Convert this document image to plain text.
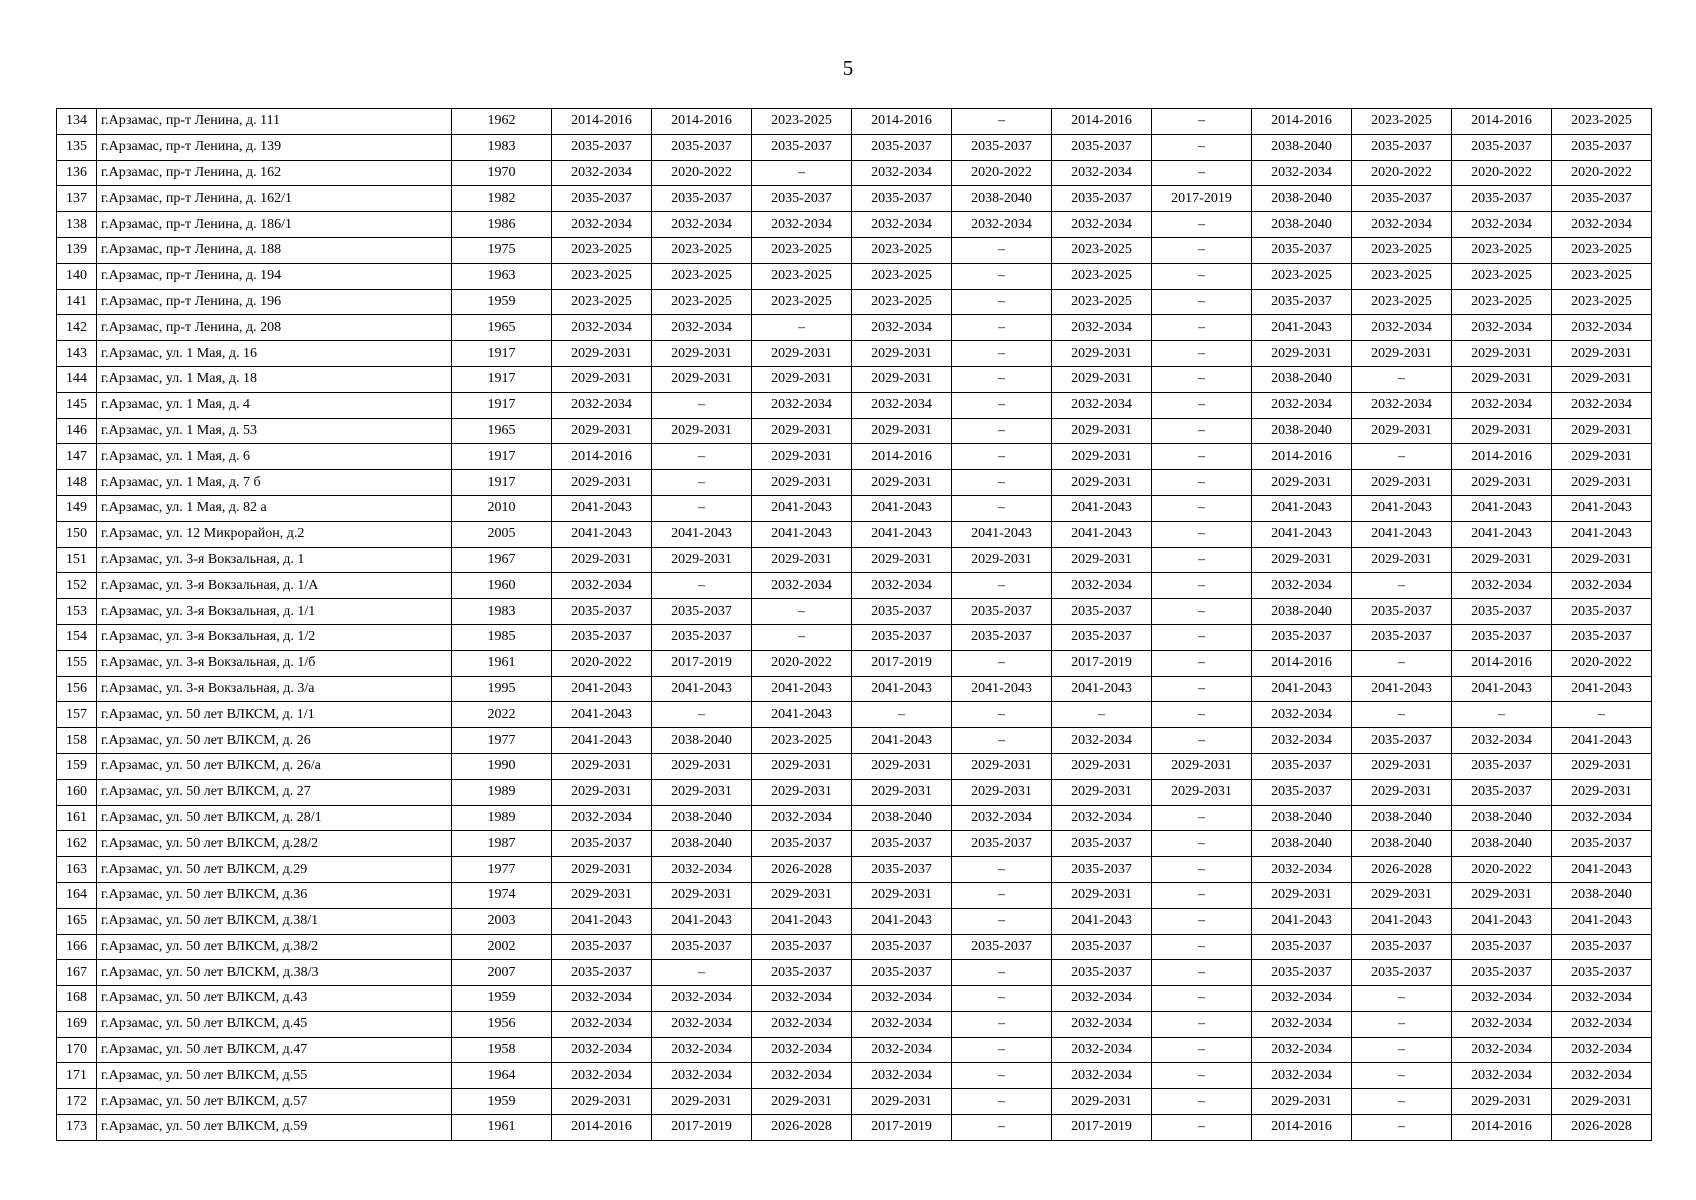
5
134	г.Арзамас, пр-т Ленина, д. 111	1962	2014-2016	2014-2016	2023-2025	2014-2016	–	2014-2016	–	2014-2016	2023-2025	2014-2016	2023-2025
135	г.Арзамас, пр-т Ленина, д. 139	1983	2035-2037	2035-2037	2035-2037	2035-2037	2035-2037	2035-2037	–	2038-2040	2035-2037	2035-2037	2035-2037
136	г.Арзамас, пр-т Ленина, д. 162	1970	2032-2034	2020-2022	–	2032-2034	2020-2022	2032-2034	–	2032-2034	2020-2022	2020-2022	2020-2022
137	г.Арзамас, пр-т Ленина, д. 162/1	1982	2035-2037	2035-2037	2035-2037	2035-2037	2038-2040	2035-2037	2017-2019	2038-2040	2035-2037	2035-2037	2035-2037
138	г.Арзамас, пр-т Ленина, д. 186/1	1986	2032-2034	2032-2034	2032-2034	2032-2034	2032-2034	2032-2034	–	2038-2040	2032-2034	2032-2034	2032-2034
139	г.Арзамас, пр-т Ленина, д. 188	1975	2023-2025	2023-2025	2023-2025	2023-2025	–	2023-2025	–	2035-2037	2023-2025	2023-2025	2023-2025
140	г.Арзамас, пр-т Ленина, д. 194	1963	2023-2025	2023-2025	2023-2025	2023-2025	–	2023-2025	–	2023-2025	2023-2025	2023-2025	2023-2025
141	г.Арзамас, пр-т Ленина, д. 196	1959	2023-2025	2023-2025	2023-2025	2023-2025	–	2023-2025	–	2035-2037	2023-2025	2023-2025	2023-2025
142	г.Арзамас, пр-т Ленина, д. 208	1965	2032-2034	2032-2034	–	2032-2034	–	2032-2034	–	2041-2043	2032-2034	2032-2034	2032-2034
143	г.Арзамас, ул. 1 Мая, д. 16	1917	2029-2031	2029-2031	2029-2031	2029-2031	–	2029-2031	–	2029-2031	2029-2031	2029-2031	2029-2031
144	г.Арзамас, ул. 1 Мая, д. 18	1917	2029-2031	2029-2031	2029-2031	2029-2031	–	2029-2031	–	2038-2040	–	2029-2031	2029-2031
145	г.Арзамас, ул. 1 Мая, д. 4	1917	2032-2034	–	2032-2034	2032-2034	–	2032-2034	–	2032-2034	2032-2034	2032-2034	2032-2034
146	г.Арзамас, ул. 1 Мая, д. 53	1965	2029-2031	2029-2031	2029-2031	2029-2031	–	2029-2031	–	2038-2040	2029-2031	2029-2031	2029-2031
147	г.Арзамас, ул. 1 Мая, д. 6	1917	2014-2016	–	2029-2031	2014-2016	–	2029-2031	–	2014-2016	–	2014-2016	2029-2031
148	г.Арзамас, ул. 1 Мая, д. 7 б	1917	2029-2031	–	2029-2031	2029-2031	–	2029-2031	–	2029-2031	2029-2031	2029-2031	2029-2031
149	г.Арзамас, ул. 1 Мая, д. 82 а	2010	2041-2043	–	2041-2043	2041-2043	–	2041-2043	–	2041-2043	2041-2043	2041-2043	2041-2043
150	г.Арзамас, ул. 12 Микрорайон, д.2	2005	2041-2043	2041-2043	2041-2043	2041-2043	2041-2043	2041-2043	–	2041-2043	2041-2043	2041-2043	2041-2043
151	г.Арзамас, ул. 3-я Вокзальная, д. 1	1967	2029-2031	2029-2031	2029-2031	2029-2031	2029-2031	2029-2031	–	2029-2031	2029-2031	2029-2031	2029-2031
152	г.Арзамас, ул. 3-я Вокзальная, д. 1/А	1960	2032-2034	–	2032-2034	2032-2034	–	2032-2034	–	2032-2034	–	2032-2034	2032-2034
153	г.Арзамас, ул. 3-я Вокзальная, д. 1/1	1983	2035-2037	2035-2037	–	2035-2037	2035-2037	2035-2037	–	2038-2040	2035-2037	2035-2037	2035-2037
154	г.Арзамас, ул. 3-я Вокзальная, д. 1/2	1985	2035-2037	2035-2037	–	2035-2037	2035-2037	2035-2037	–	2035-2037	2035-2037	2035-2037	2035-2037
155	г.Арзамас, ул. 3-я Вокзальная, д. 1/б	1961	2020-2022	2017-2019	2020-2022	2017-2019	–	2017-2019	–	2014-2016	–	2014-2016	2020-2022
156	г.Арзамас, ул. 3-я Вокзальная, д. 3/а	1995	2041-2043	2041-2043	2041-2043	2041-2043	2041-2043	2041-2043	–	2041-2043	2041-2043	2041-2043	2041-2043
157	г.Арзамас, ул. 50 лет ВЛКСМ, д. 1/1	2022	2041-2043	–	2041-2043	–	–	–	–	2032-2034	–	–	–
158	г.Арзамас, ул. 50 лет ВЛКСМ, д. 26	1977	2041-2043	2038-2040	2023-2025	2041-2043	–	2032-2034	–	2032-2034	2035-2037	2032-2034	2041-2043
159	г.Арзамас, ул. 50 лет ВЛКСМ, д. 26/а	1990	2029-2031	2029-2031	2029-2031	2029-2031	2029-2031	2029-2031	2029-2031	2035-2037	2029-2031	2035-2037	2029-2031
160	г.Арзамас, ул. 50 лет ВЛКСМ, д. 27	1989	2029-2031	2029-2031	2029-2031	2029-2031	2029-2031	2029-2031	2029-2031	2035-2037	2029-2031	2035-2037	2029-2031
161	г.Арзамас, ул. 50 лет ВЛКСМ, д. 28/1	1989	2032-2034	2038-2040	2032-2034	2038-2040	2032-2034	2032-2034	–	2038-2040	2038-2040	2038-2040	2032-2034
162	г.Арзамас, ул. 50 лет ВЛКСМ, д.28/2	1987	2035-2037	2038-2040	2035-2037	2035-2037	2035-2037	2035-2037	–	2038-2040	2038-2040	2038-2040	2035-2037
163	г.Арзамас, ул. 50 лет ВЛКСМ, д.29	1977	2029-2031	2032-2034	2026-2028	2035-2037	–	2035-2037	–	2032-2034	2026-2028	2020-2022	2041-2043
164	г.Арзамас, ул. 50 лет ВЛКСМ, д.36	1974	2029-2031	2029-2031	2029-2031	2029-2031	–	2029-2031	–	2029-2031	2029-2031	2029-2031	2038-2040
165	г.Арзамас, ул. 50 лет ВЛКСМ, д.38/1	2003	2041-2043	2041-2043	2041-2043	2041-2043	–	2041-2043	–	2041-2043	2041-2043	2041-2043	2041-2043
166	г.Арзамас, ул. 50 лет ВЛКСМ, д.38/2	2002	2035-2037	2035-2037	2035-2037	2035-2037	2035-2037	2035-2037	–	2035-2037	2035-2037	2035-2037	2035-2037
167	г.Арзамас, ул. 50 лет ВЛСКМ, д.38/3	2007	2035-2037	–	2035-2037	2035-2037	–	2035-2037	–	2035-2037	2035-2037	2035-2037	2035-2037
168	г.Арзамас, ул. 50 лет ВЛКСМ, д.43	1959	2032-2034	2032-2034	2032-2034	2032-2034	–	2032-2034	–	2032-2034	–	2032-2034	2032-2034
169	г.Арзамас, ул. 50 лет ВЛКСМ, д.45	1956	2032-2034	2032-2034	2032-2034	2032-2034	–	2032-2034	–	2032-2034	–	2032-2034	2032-2034
170	г.Арзамас, ул. 50 лет ВЛКСМ, д.47	1958	2032-2034	2032-2034	2032-2034	2032-2034	–	2032-2034	–	2032-2034	–	2032-2034	2032-2034
171	г.Арзамас, ул. 50 лет ВЛКСМ, д.55	1964	2032-2034	2032-2034	2032-2034	2032-2034	–	2032-2034	–	2032-2034	–	2032-2034	2032-2034
172	г.Арзамас, ул. 50 лет ВЛКСМ, д.57	1959	2029-2031	2029-2031	2029-2031	2029-2031	–	2029-2031	–	2029-2031	–	2029-2031	2029-2031
173	г.Арзамас, ул. 50 лет ВЛКСМ, д.59	1961	2014-2016	2017-2019	2026-2028	2017-2019	–	2017-2019	–	2014-2016	–	2014-2016	2026-2028
